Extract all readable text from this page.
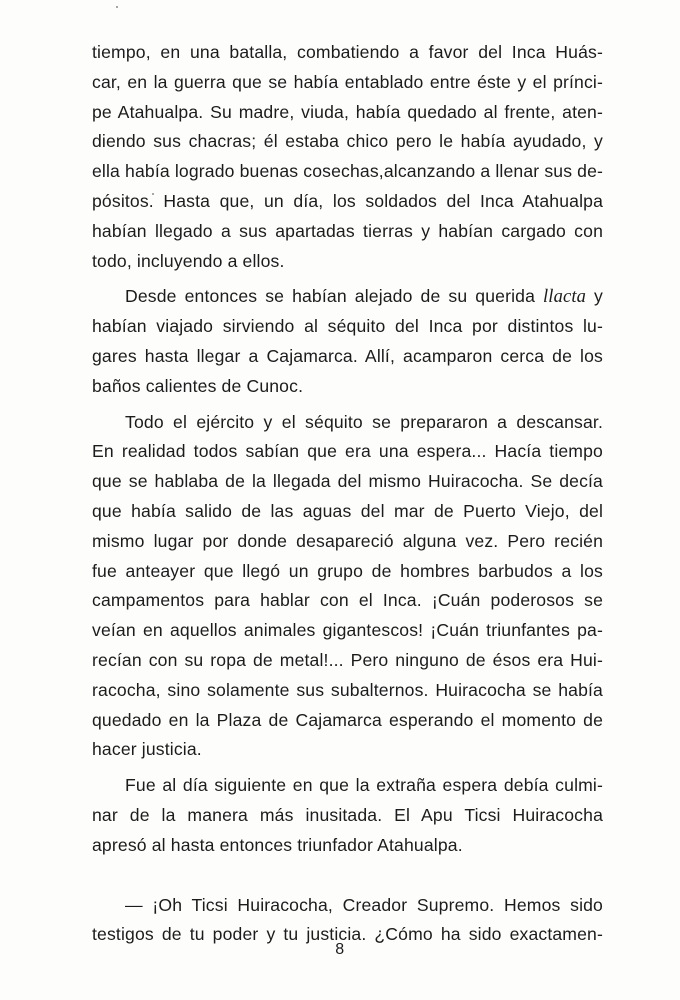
tiempo, en una batalla, combatiendo a favor del Inca Huás-
car, en la guerra que se había entablado entre éste y el prínci-
pe Atahualpa. Su madre, viuda, había quedado al frente, aten-
diendo sus chacras; él estaba chico pero le había ayudado, y
ella había logrado buenas cosechas,alcanzando a llenar sus de-
pósitos. Hasta que, un día, los soldados del Inca Atahualpa
habían llegado a sus apartadas tierras y habían cargado con
todo, incluyendo a ellos.
Desde entonces se habían alejado de su querida llacta y
habían viajado sirviendo al séquito del Inca por distintos lu-
gares hasta llegar a Cajamarca. Allí, acamparon cerca de los
baños calientes de Cunoc.
Todo el ejército y el séquito se prepararon a descansar.
En realidad todos sabían que era una espera... Hacía tiempo
que se hablaba de la llegada del mismo Huiracocha. Se decía
que había salido de las aguas del mar de Puerto Viejo, del
mismo lugar por donde desapareció alguna vez. Pero recién
fue anteayer que llegó un grupo de hombres barbudos a los
campamentos para hablar con el Inca. ¡Cuán poderosos se
veían en aquellos animales gigantescos! ¡Cuán triunfantes pa-
recían con su ropa de metal!... Pero ninguno de ésos era Hui-
racocha, sino solamente sus subalternos. Huiracocha se había
quedado en la Plaza de Cajamarca esperando el momento de
hacer justicia.
Fue al día siguiente en que la extraña espera debía culmi-
nar de la manera más inusitada. El Apu Ticsi Huiracocha
apresó al hasta entonces triunfador Atahualpa.
— ¡Oh Ticsi Huiracocha, Creador Supremo. Hemos sido
testigos de tu poder y tu justicia. ¿Cómo ha sido exactamen-
8
